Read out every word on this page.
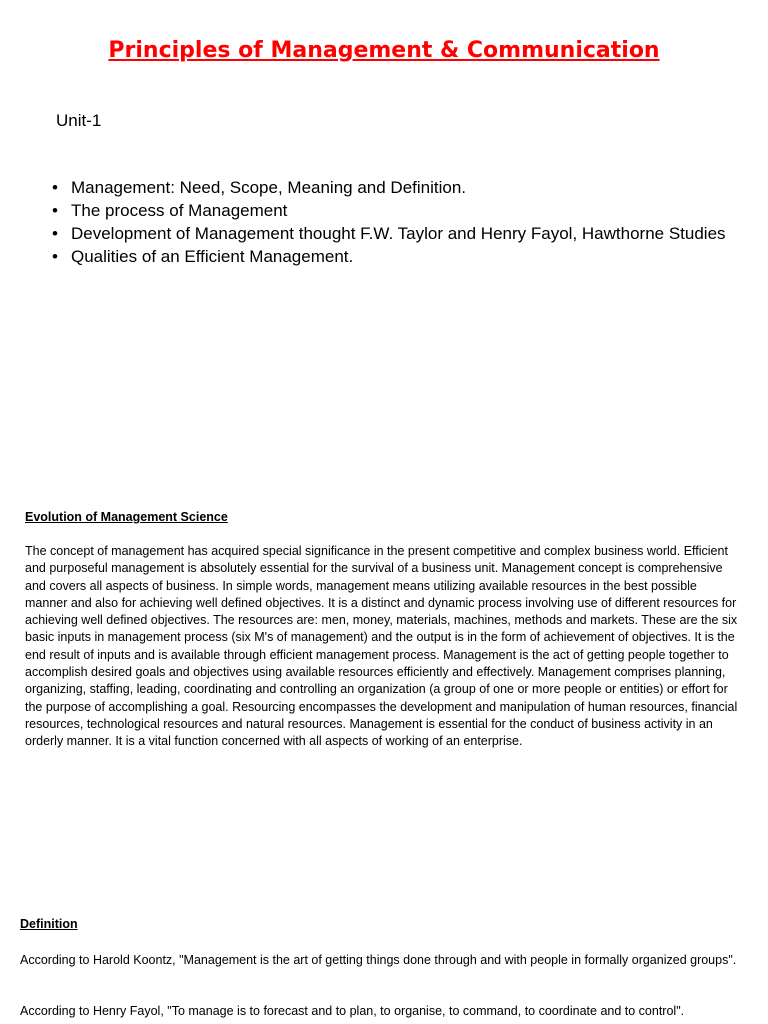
Principles of Management & Communication

Unit-1

• Management: Need, Scope, Meaning and Definition.
• The process of Management
• Development of Management thought F.W. Taylor and Henry Fayol, Hawthorne Studies
• Qualities of an Efficient Management.
Evolution of Management Science

The concept of management has acquired special significance in the present competitive and complex business world. Efficient and purposeful management is absolutely essential for the survival of a business unit. Management concept is comprehensive and covers all aspects of business. In simple words, management means utilizing available resources in the best possible manner and also for achieving well defined objectives. It is a distinct and dynamic process involving use of different resources for achieving well defined objectives. The resources are: men, money, materials, machines, methods and markets. These are the six basic inputs in management process (six M's of management) and the output is in the form of achievement of objectives. It is the end result of inputs and is available through efficient management process. Management is the act of getting people together to accomplish desired goals and objectives using available resources efficiently and effectively. Management comprises planning, organizing, staffing, leading, coordinating and controlling an organization (a group of one or more people or entities) or effort for the purpose of accomplishing a goal. Resourcing encompasses the development and manipulation of human resources, financial resources, technological resources and natural resources. Management is essential for the conduct of business activity in an orderly manner. It is a vital function concerned with all aspects of working of an enterprise.

Definition

According to Harold Koontz, "Management is the art of getting things done through and with people in formally organized groups".

According to Henry Fayol, "To manage is to forecast and to plan, to organise, to command, to coordinate and to control".
